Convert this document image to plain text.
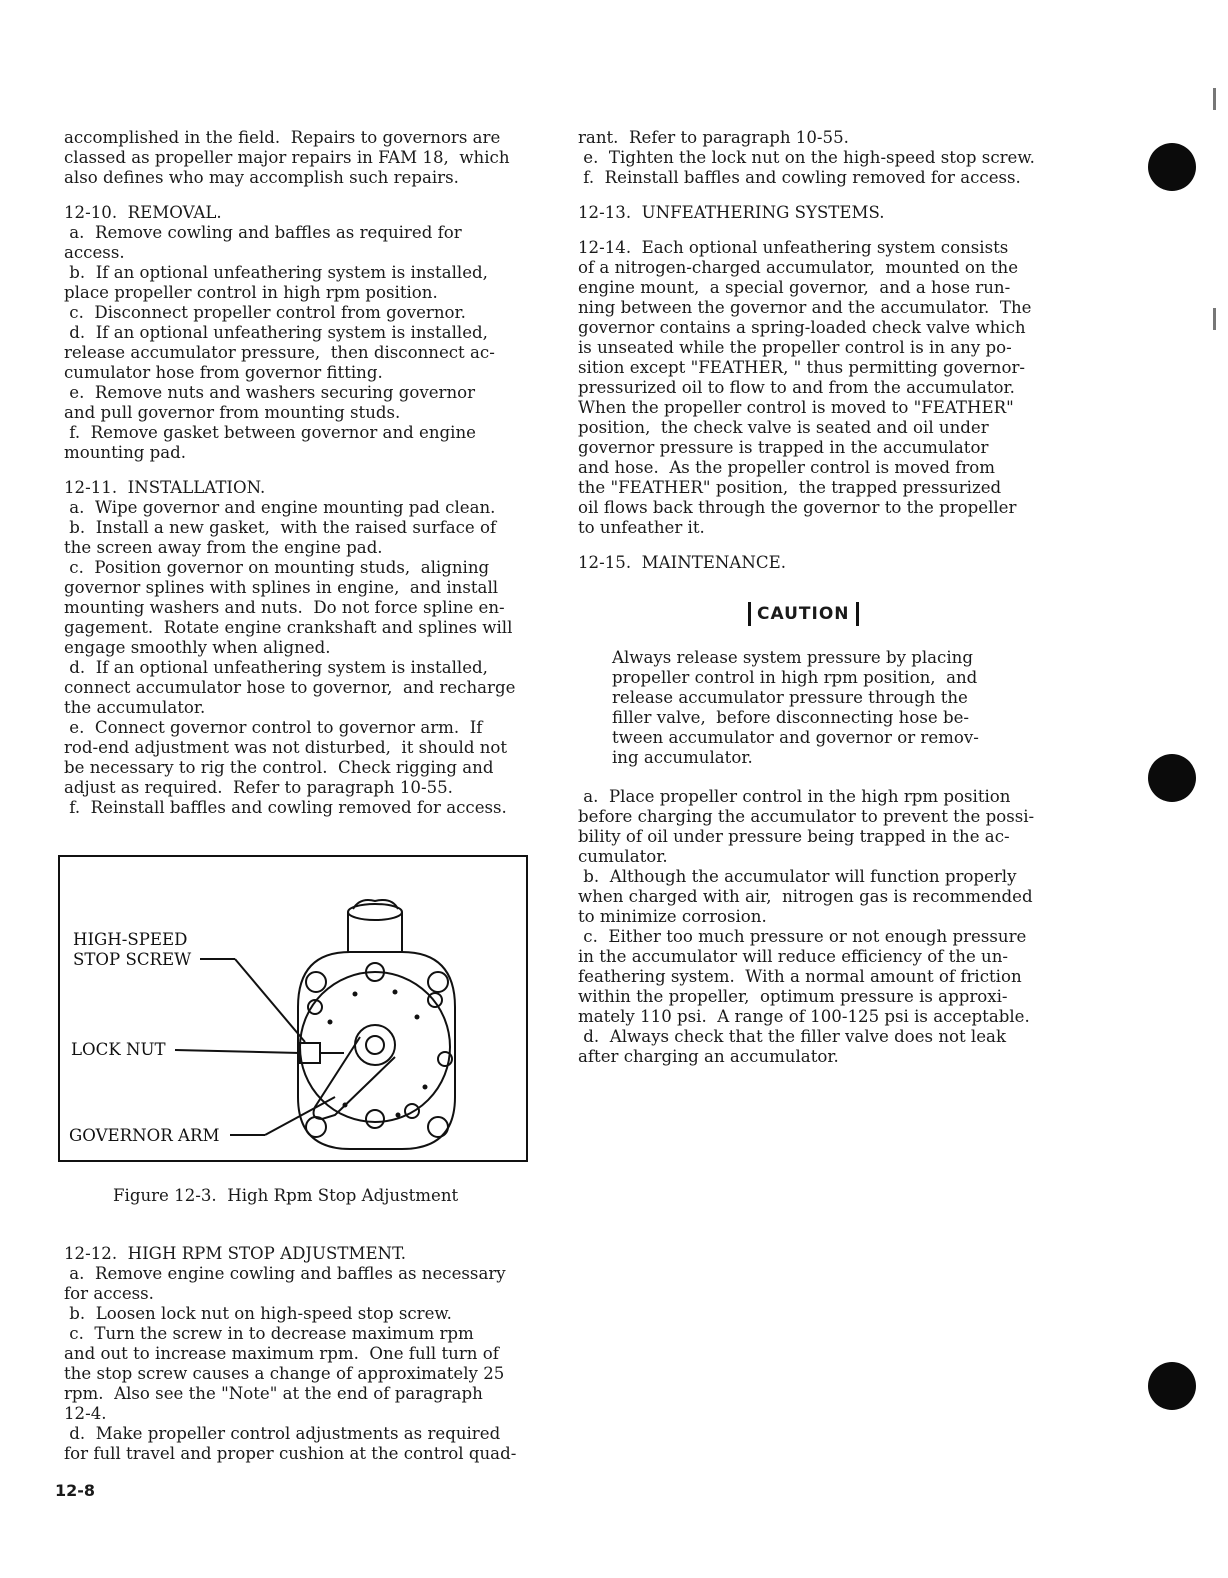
accomplished in the field.  Repairs to governors are

classed as propeller major repairs in FAM 18,  which

also defines who may accomplish such repairs.

12-10.  REMOVAL.

a.  Remove cowling and baffles as required for

access.

b.  If an optional unfeathering system is installed,

place propeller control in high rpm position.

c.  Disconnect propeller control from governor.

d.  If an optional unfeathering system is installed,

release accumulator pressure,  then disconnect ac-

cumulator hose from governor fitting.

e.  Remove nuts and washers securing governor

and pull governor from mounting studs.

f.  Remove gasket between governor and engine

mounting pad.

12-11.  INSTALLATION.

a.  Wipe governor and engine mounting pad clean.

b.  Install a new gasket,  with the raised surface of

the screen away from the engine pad.

c.  Position governor on mounting studs,  aligning

governor splines with splines in engine,  and install

mounting washers and nuts.  Do not force spline en-

gagement.  Rotate engine crankshaft and splines will

engage smoothly when aligned.

d.  If an optional unfeathering system is installed,

connect accumulator hose to governor,  and recharge

the accumulator.

e.  Connect governor control to governor arm.  If

rod-end adjustment was not disturbed,  it should not

be necessary to rig the control.  Check rigging and

adjust as required.  Refer to paragraph 10-55.

f.  Reinstall baffles and cowling removed for access.

HIGH-SPEED
STOP SCREW
LOCK NUT
GOVERNOR ARM
Figure 12-3.  High Rpm Stop Adjustment

12-12.  HIGH RPM STOP ADJUSTMENT.

a.  Remove engine cowling and baffles as necessary

for access.

b.  Loosen lock nut on high-speed stop screw.

c.  Turn the screw in to decrease maximum rpm

and out to increase maximum rpm.  One full turn of

the stop screw causes a change of approximately 25

rpm.  Also see the "Note" at the end of paragraph

12-4.

d.  Make propeller control adjustments as required

for full travel and proper cushion at the control quad-

rant.  Refer to paragraph 10-55.

e.  Tighten the lock nut on the high-speed stop screw.

f.  Reinstall baffles and cowling removed for access.

12-13.  UNFEATHERING SYSTEMS.

12-14.  Each optional unfeathering system consists

of a nitrogen-charged accumulator,  mounted on the

engine mount,  a special governor,  and a hose run-

ning between the governor and the accumulator.  The

governor contains a spring-loaded check valve which

is unseated while the propeller control is in any po-

sition except "FEATHER, " thus permitting governor-

pressurized oil to flow to and from the accumulator.

When the propeller control is moved to "FEATHER"

position,  the check valve is seated and oil under

governor pressure is trapped in the accumulator

and hose.  As the propeller control is moved from

the "FEATHER" position,  the trapped pressurized

oil flows back through the governor to the propeller

to unfeather it.

12-15.  MAINTENANCE.

CAUTION

Always release system pressure by placing

propeller control in high rpm position,  and

release accumulator pressure through the

filler valve,  before disconnecting hose be-

tween accumulator and governor or remov-

ing accumulator.

a.  Place propeller control in the high rpm position

before charging the accumulator to prevent the possi-

bility of oil under pressure being trapped in the ac-

cumulator.

b.  Although the accumulator will function properly

when charged with air,  nitrogen gas is recommended

to minimize corrosion.

c.  Either too much pressure or not enough pressure

in the accumulator will reduce efficiency of the un-

feathering system.  With a normal amount of friction

within the propeller,  optimum pressure is approxi-

mately 110 psi.  A range of 100-125 psi is acceptable.

d.  Always check that the filler valve does not leak

after charging an accumulator.

12-8
